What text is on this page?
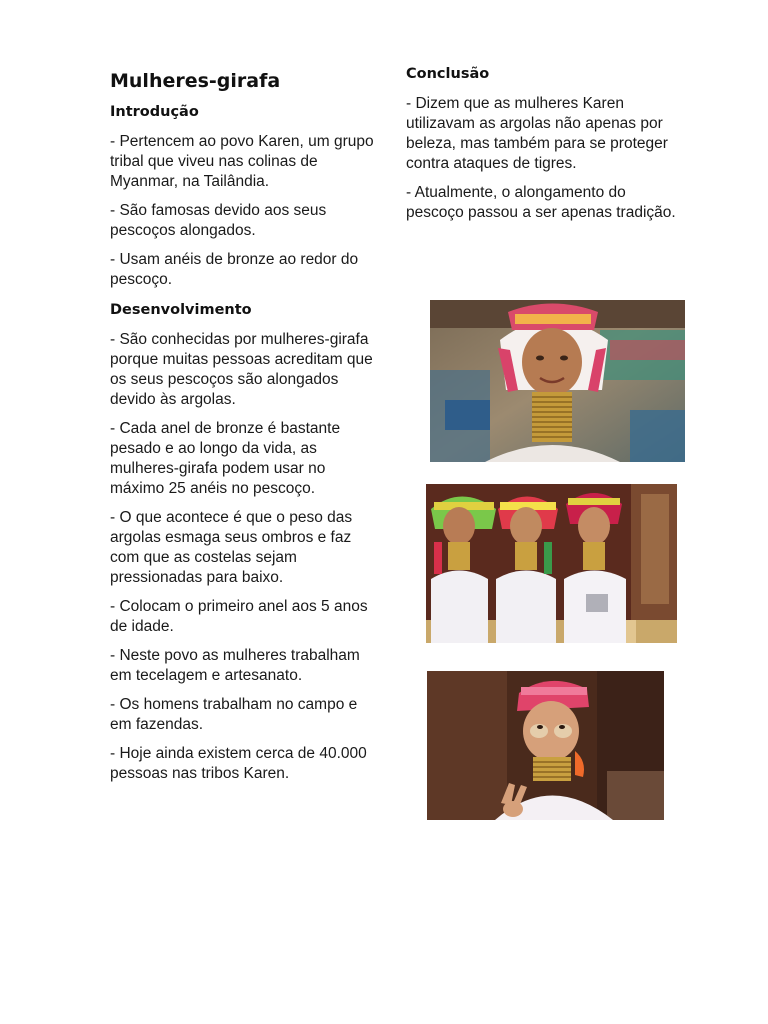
Mulheres-girafa
Introdução

- Pertencem ao povo Karen, um grupo tribal que viveu nas colinas de Myanmar, na Tailândia.

- São famosas devido aos seus pescoços alongados.

- Usam anéis de bronze ao redor do pescoço.

Desenvolvimento

- São conhecidas por mulheres-girafa porque muitas pessoas acreditam que os seus pescoços são alongados devido às argolas.

- Cada anel de bronze é bastante pesado e ao longo da vida, as mulheres-girafa podem usar no máximo 25 anéis no pescoço.

- O que acontece é que o peso das argolas esmaga seus ombros e faz com que as costelas sejam pressionadas para baixo.

- Colocam o primeiro anel aos 5 anos de idade.

- Neste povo as mulheres trabalham em tecelagem e artesanato.

- Os homens trabalham no campo e em fazendas.

- Hoje ainda existem cerca de 40.000 pessoas nas tribos Karen.

Conclusão

- Dizem que as mulheres Karen utilizavam as argolas não apenas por beleza, mas também para se proteger contra ataques de tigres.

- Atualmente, o alongamento do pescoço passou a ser apenas tradição.
